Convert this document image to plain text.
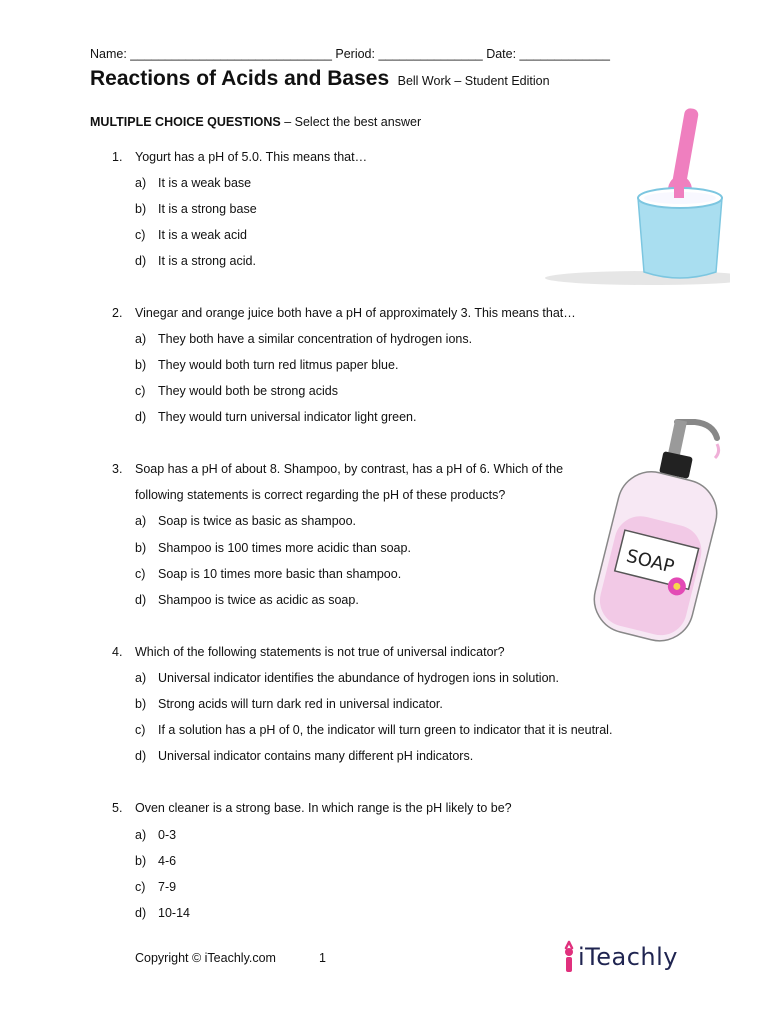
Name: _____________________________ Period: _______________ Date: _____________
Reactions of Acids and Bases Bell Work – Student Edition
MULTIPLE CHOICE QUESTIONS – Select the best answer
1. Yogurt has a pH of 5.0. This means that…
a) It is a weak base
b) It is a strong base
c) It is a weak acid
d) It is a strong acid.
2. Vinegar and orange juice both have a pH of approximately 3. This means that…
a) They both have a similar concentration of hydrogen ions.
b) They would both turn red litmus paper blue.
c) They would both be strong acids
d) They would turn universal indicator light green.
3. Soap has a pH of about 8. Shampoo, by contrast, has a pH of 6. Which of the
following statements is correct regarding the pH of these products?
a) Soap is twice as basic as shampoo.
b) Shampoo is 100 times more acidic than soap.
c) Soap is 10 times more basic than shampoo.
d) Shampoo is twice as acidic as soap.
4. Which of the following statements is not true of universal indicator?
a) Universal indicator identifies the abundance of hydrogen ions in solution.
b) Strong acids will turn dark red in universal indicator.
c) If a solution has a pH of 0, the indicator will turn green to indicator that it is neutral.
d) Universal indicator contains many different pH indicators.
5. Oven cleaner is a strong base. In which range is the pH likely to be?
a) 0-3
b) 4-6
c) 7-9
d) 10-14
SOAP
Copyright © iTeachly.com	1	iTeachly
